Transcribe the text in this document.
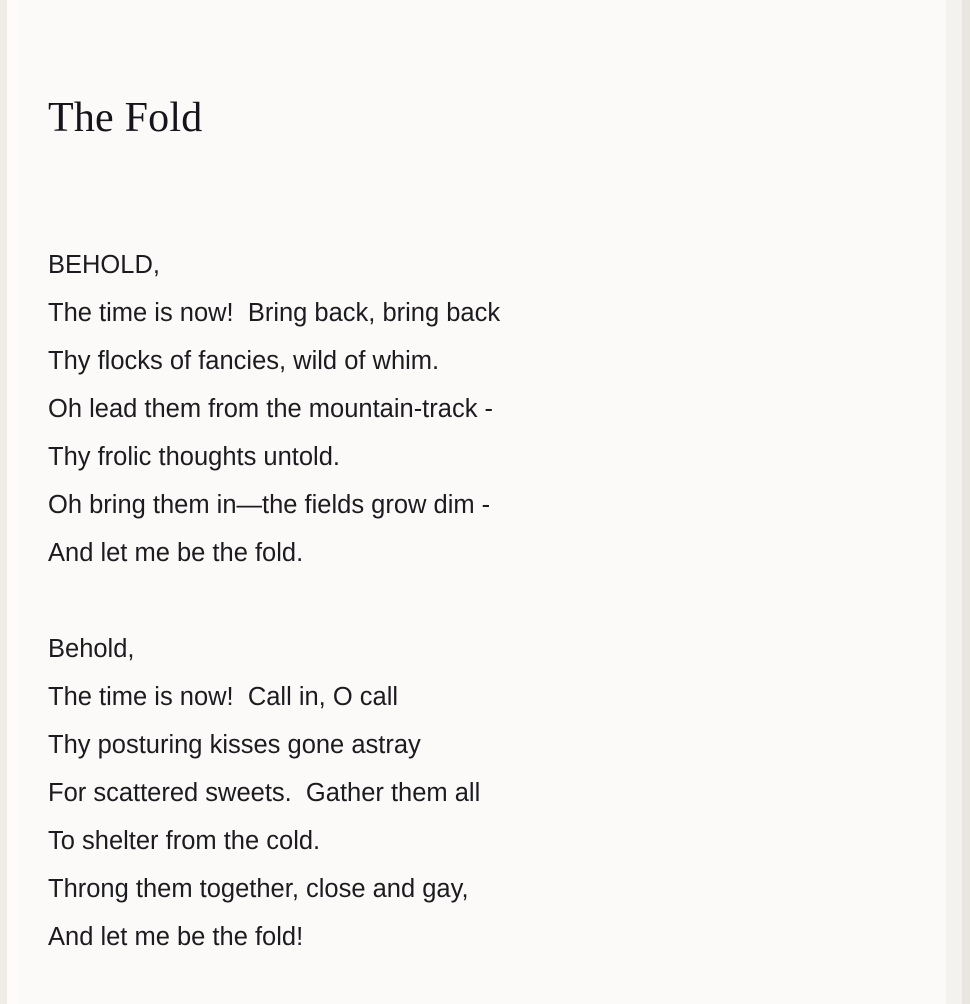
The Fold
BEHOLD,
The time is now!  Bring back, bring back
Thy flocks of fancies, wild of whim.
Oh lead them from the mountain-track -
Thy frolic thoughts untold.
Oh bring them in—the fields grow dim -
And let me be the fold.
Behold,
The time is now!  Call in, O call
Thy posturing kisses gone astray
For scattered sweets.  Gather them all
To shelter from the cold.
Throng them together, close and gay,
And let me be the fold!
